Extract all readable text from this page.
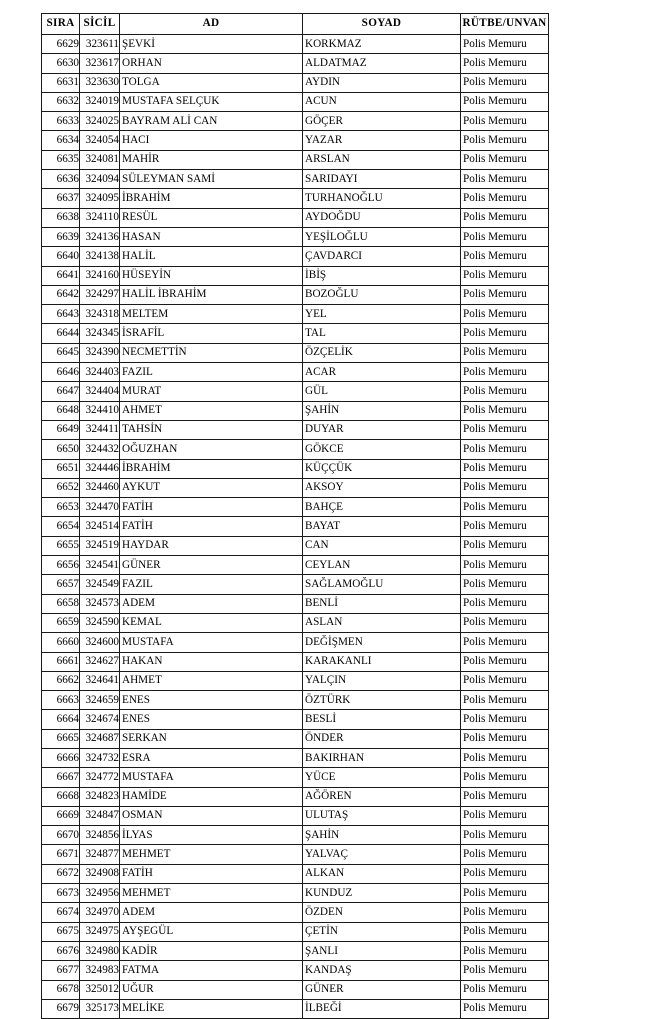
SIRA	SİCİL	AD	SOYAD	RÜTBE/UNVAN
6629	323611	ŞEVKİ	KORKMAZ	Polis Memuru
6630	323617	ORHAN	ALDATMAZ	Polis Memuru
6631	323630	TOLGA	AYDIN	Polis Memuru
6632	324019	MUSTAFA SELÇUK	ACUN	Polis Memuru
6633	324025	BAYRAM ALİ CAN	GÖÇER	Polis Memuru
6634	324054	HACI	YAZAR	Polis Memuru
6635	324081	MAHİR	ARSLAN	Polis Memuru
6636	324094	SÜLEYMAN SAMİ	SARIDAYI	Polis Memuru
6637	324095	İBRAHİM	TURHANOĞLU	Polis Memuru
6638	324110	RESÜL	AYDOĞDU	Polis Memuru
6639	324136	HASAN	YEŞİLOĞLU	Polis Memuru
6640	324138	HALİL	ÇAVDARCI	Polis Memuru
6641	324160	HÜSEYİN	İBİŞ	Polis Memuru
6642	324297	HALİL İBRAHİM	BOZOĞLU	Polis Memuru
6643	324318	MELTEM	YEL	Polis Memuru
6644	324345	İSRAFİL	TAL	Polis Memuru
6645	324390	NECMETTİN	ÖZÇELİK	Polis Memuru
6646	324403	FAZIL	ACAR	Polis Memuru
6647	324404	MURAT	GÜL	Polis Memuru
6648	324410	AHMET	ŞAHİN	Polis Memuru
6649	324411	TAHSİN	DUYAR	Polis Memuru
6650	324432	OĞUZHAN	GÖKCE	Polis Memuru
6651	324446	İBRAHİM	KÜÇÇÜK	Polis Memuru
6652	324460	AYKUT	AKSOY	Polis Memuru
6653	324470	FATİH	BAHÇE	Polis Memuru
6654	324514	FATİH	BAYAT	Polis Memuru
6655	324519	HAYDAR	CAN	Polis Memuru
6656	324541	GÜNER	CEYLAN	Polis Memuru
6657	324549	FAZIL	SAĞLAMOĞLU	Polis Memuru
6658	324573	ADEM	BENLİ	Polis Memuru
6659	324590	KEMAL	ASLAN	Polis Memuru
6660	324600	MUSTAFA	DEĞİŞMEN	Polis Memuru
6661	324627	HAKAN	KARAKANLI	Polis Memuru
6662	324641	AHMET	YALÇIN	Polis Memuru
6663	324659	ENES	ÖZTÜRK	Polis Memuru
6664	324674	ENES	BESLİ	Polis Memuru
6665	324687	SERKAN	ÖNDER	Polis Memuru
6666	324732	ESRA	BAKIRHAN	Polis Memuru
6667	324772	MUSTAFA	YÜCE	Polis Memuru
6668	324823	HAMİDE	AĞÖREN	Polis Memuru
6669	324847	OSMAN	ULUTAŞ	Polis Memuru
6670	324856	İLYAS	ŞAHİN	Polis Memuru
6671	324877	MEHMET	YALVAÇ	Polis Memuru
6672	324908	FATİH	ALKAN	Polis Memuru
6673	324956	MEHMET	KUNDUZ	Polis Memuru
6674	324970	ADEM	ÖZDEN	Polis Memuru
6675	324975	AYŞEGÜL	ÇETİN	Polis Memuru
6676	324980	KADİR	ŞANLI	Polis Memuru
6677	324983	FATMA	KANDAŞ	Polis Memuru
6678	325012	UĞUR	GÜNER	Polis Memuru
6679	325173	MELİKE	İLBEĞİ	Polis Memuru
